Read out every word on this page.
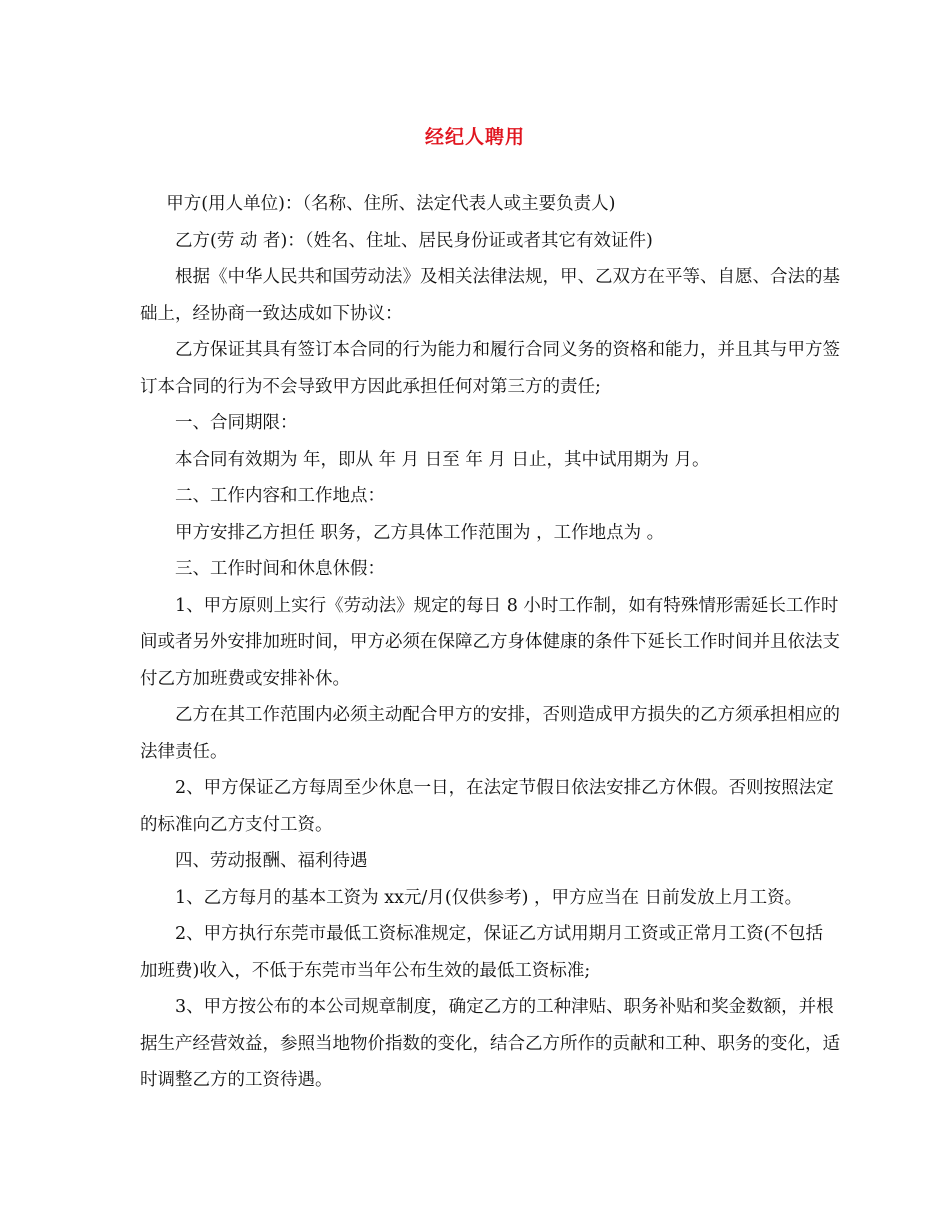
经纪人聘用

甲方(用人单位)：（名称、住所、法定代表人或主要负责人)

乙方(劳 动 者)：（姓名、住址、居民身份证或者其它有效证件)

根据《中华人民共和国劳动法》及相关法律法规，甲、乙双方在平等、自愿、合法的基础上，经协商一致达成如下协议：

乙方保证其具有签订本合同的行为能力和履行合同义务的资格和能力，并且其与甲方签订本合同的行为不会导致甲方因此承担任何对第三方的责任;

一、合同期限：

本合同有效期为 年，即从 年 月 日至 年 月 日止，其中试用期为 月。

二、工作内容和工作地点：

甲方安排乙方担任 职务，乙方具体工作范围为 ，工作地点为 。

三、工作时间和休息休假：

1、甲方原则上实行《劳动法》规定的每日 8 小时工作制，如有特殊情形需延长工作时间或者另外安排加班时间，甲方必须在保障乙方身体健康的条件下延长工作时间并且依法支付乙方加班费或安排补休。

乙方在其工作范围内必须主动配合甲方的安排，否则造成甲方损失的乙方须承担相应的法律责任。

2、甲方保证乙方每周至少休息一日，在法定节假日依法安排乙方休假。否则按照法定的标准向乙方支付工资。

四、劳动报酬、福利待遇

1、乙方每月的基本工资为 xx元/月(仅供参考) ，甲方应当在 日前发放上月工资。

2、甲方执行东莞市最低工资标准规定，保证乙方试用期月工资或正常月工资(不包括加班费)收入，不低于东莞市当年公布生效的最低工资标准;

3、甲方按公布的本公司规章制度，确定乙方的工种津贴、职务补贴和奖金数额，并根据生产经营效益，参照当地物价指数的变化，结合乙方所作的贡献和工种、职务的变化，适时调整乙方的工资待遇。
